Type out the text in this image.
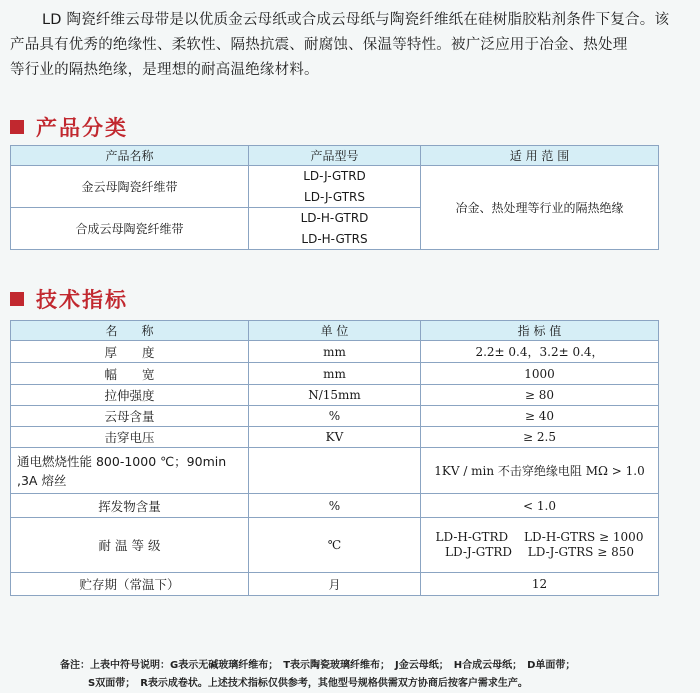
LD 陶瓷纤维云母带是以优质金云母纸或合成云母纸与陶瓷纤维纸在硅树脂胶粘剂条件下复合。该
产品具有优秀的绝缘性、柔软性、隔热抗震、耐腐蚀、保温等特性。被广泛应用于冶金、热处理
等行业的隔热绝缘，是理想的耐高温绝缘材料。
产品分类
产品名称	产品型号	适 用 范 围
金云母陶瓷纤维带	LD-J-GTRD	冶金、热处理等行业的隔热绝缘
	LD-J-GTRS	
合成云母陶瓷纤维带	LD-H-GTRD	
	LD-H-GTRS	
技术指标
名　　称	单 位	指 标 值
厚　　度	mm	2.2± 0.4，3.2± 0.4，
幅　　宽	mm	1000
拉伸强度	N/15mm	≥ 80
云母含量	%	≥ 40
击穿电压	KV	≥ 2.5
通电燃烧性能 800-1000 ℃；90min ,3A 熔丝		1KV / min 不击穿绝缘电阻 MΩ > 1.0
挥发物含量	%	< 1.0
耐 温 等 级	℃	LD-H-GTRD　 LD-H-GTRS ≥ 1000
LD-J-GTRD　 LD-J-GTRS ≥ 850

贮存期（常温下）	月	12
备注：上表中符号说明：G表示无碱玻璃纤维布；　T表示陶瓷玻璃纤维布；　J金云母纸；　H合成云母纸；　D单面带；
S双面带；　R表示成卷状。上述技术指标仅供参考，其他型号规格供需双方协商后按客户需求生产。
